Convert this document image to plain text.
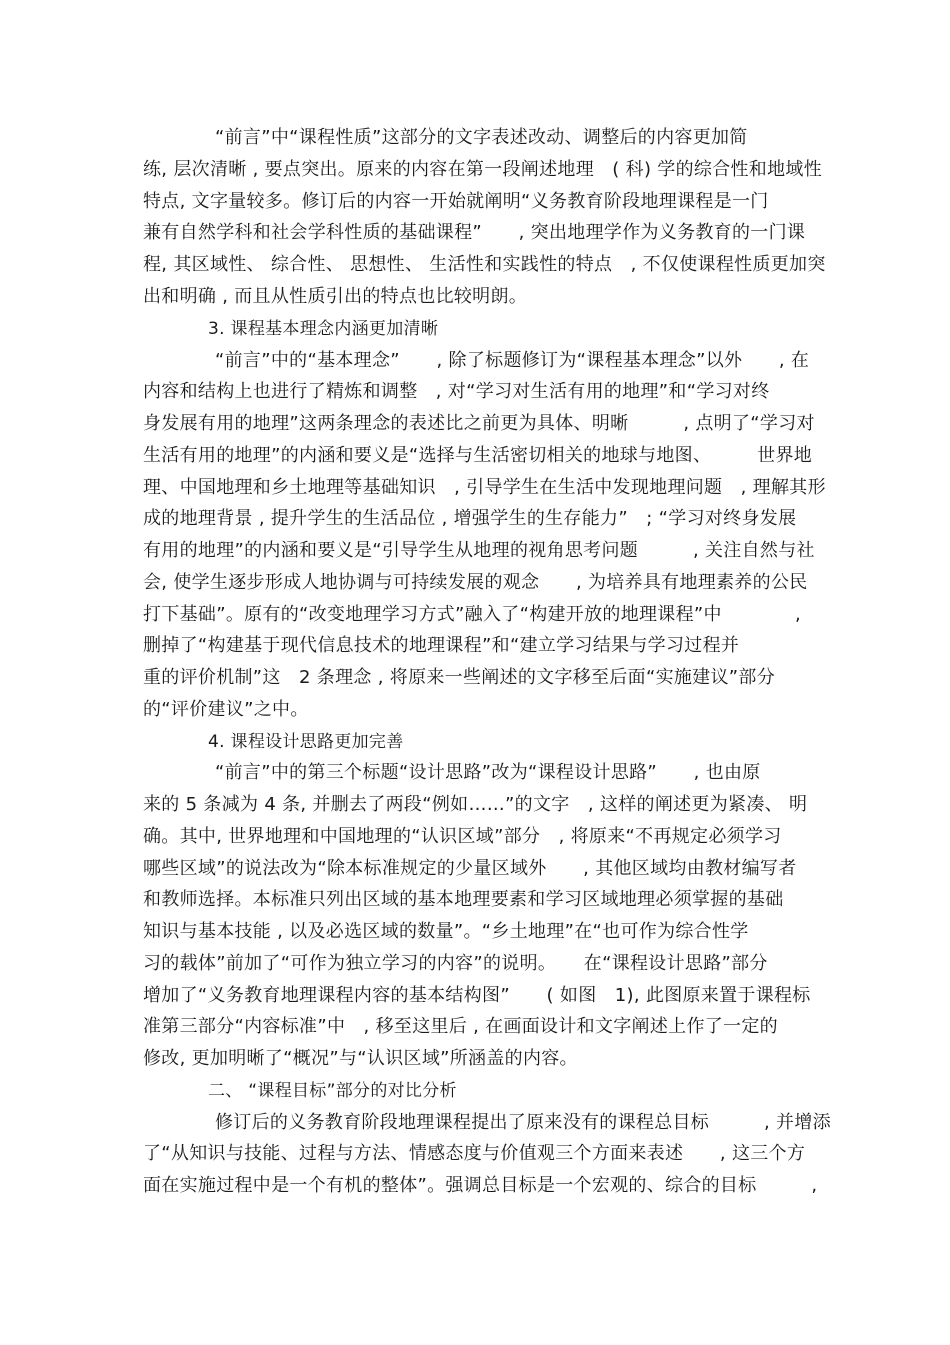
“前言”中“课程性质”这部分的文字表述改动、调整后的内容更加简
练, 层次清晰 , 要点突出。原来的内容在第一段阐述地理　( 科) 学的综合性和地域性
特点, 文字量较多。修订后的内容一开始就阐明“义务教育阶段地理课程是一门
兼有自然学科和社会学科性质的基础课程”　　, 突出地理学作为义务教育的一门课
程, 其区域性、 综合性、 思想性、 生活性和实践性的特点　, 不仅使课程性质更加突
出和明确 , 而且从性质引出的特点也比较明朗。
3. 课程基本理念内涵更加清晰
“前言”中的“基本理念”　　, 除了标题修订为“课程基本理念”以外　　, 在
内容和结构上也进行了精炼和调整　, 对“学习对生活有用的地理”和“学习对终
身发展有用的地理”这两条理念的表述比之前更为具体、明晰　　　, 点明了“学习对
生活有用的地理”的内涵和要义是“选择与生活密切相关的地球与地图、　　　世界地
理、中国地理和乡土地理等基础知识　, 引导学生在生活中发现地理问题　, 理解其形
成的地理背景 , 提升学生的生活品位 , 增强学生的生存能力”　; “学习对终身发展
有用的地理”的内涵和要义是“引导学生从地理的视角思考问题　　　, 关注自然与社
会, 使学生逐步形成人地协调与可持续发展的观念　　, 为培养具有地理素养的公民
打下基础”。原有的“改变地理学习方式”融入了“构建开放的地理课程”中　　　　,
删掉了“构建基于现代信息技术的地理课程”和“建立学习结果与学习过程并
重的评价机制”这　2 条理念 , 将原来一些阐述的文字移至后面“实施建议”部分
的“评价建议”之中。
4. 课程设计思路更加完善
“前言”中的第三个标题“设计思路”改为“课程设计思路”　　, 也由原
来的 5 条减为 4 条, 并删去了两段“例如……”的文字　, 这样的阐述更为紧凑、 明
确。其中, 世界地理和中国地理的“认识区域”部分　, 将原来“不再规定必须学习
哪些区域”的说法改为“除本标准规定的少量区域外　　, 其他区域均由教材编写者
和教师选择。本标准只列出区域的基本地理要素和学习区域地理必须掌握的基础
知识与基本技能 , 以及必选区域的数量”。“乡土地理”在“也可作为综合性学
习的载体”前加了“可作为独立学习的内容”的说明。　　在“课程设计思路”部分
增加了“义务教育地理课程内容的基本结构图”　　( 如图　1), 此图原来置于课程标
准第三部分“内容标准”中　, 移至这里后 , 在画面设计和文字阐述上作了一定的
修改, 更加明晰了“概况”与“认识区域”所涵盖的内容。
二、 “课程目标”部分的对比分析
修订后的义务教育阶段地理课程提出了原来没有的课程总目标　　　, 并增添
了“从知识与技能、过程与方法、情感态度与价值观三个方面来表述　　, 这三个方
面在实施过程中是一个有机的整体”。强调总目标是一个宏观的、综合的目标　　　,
